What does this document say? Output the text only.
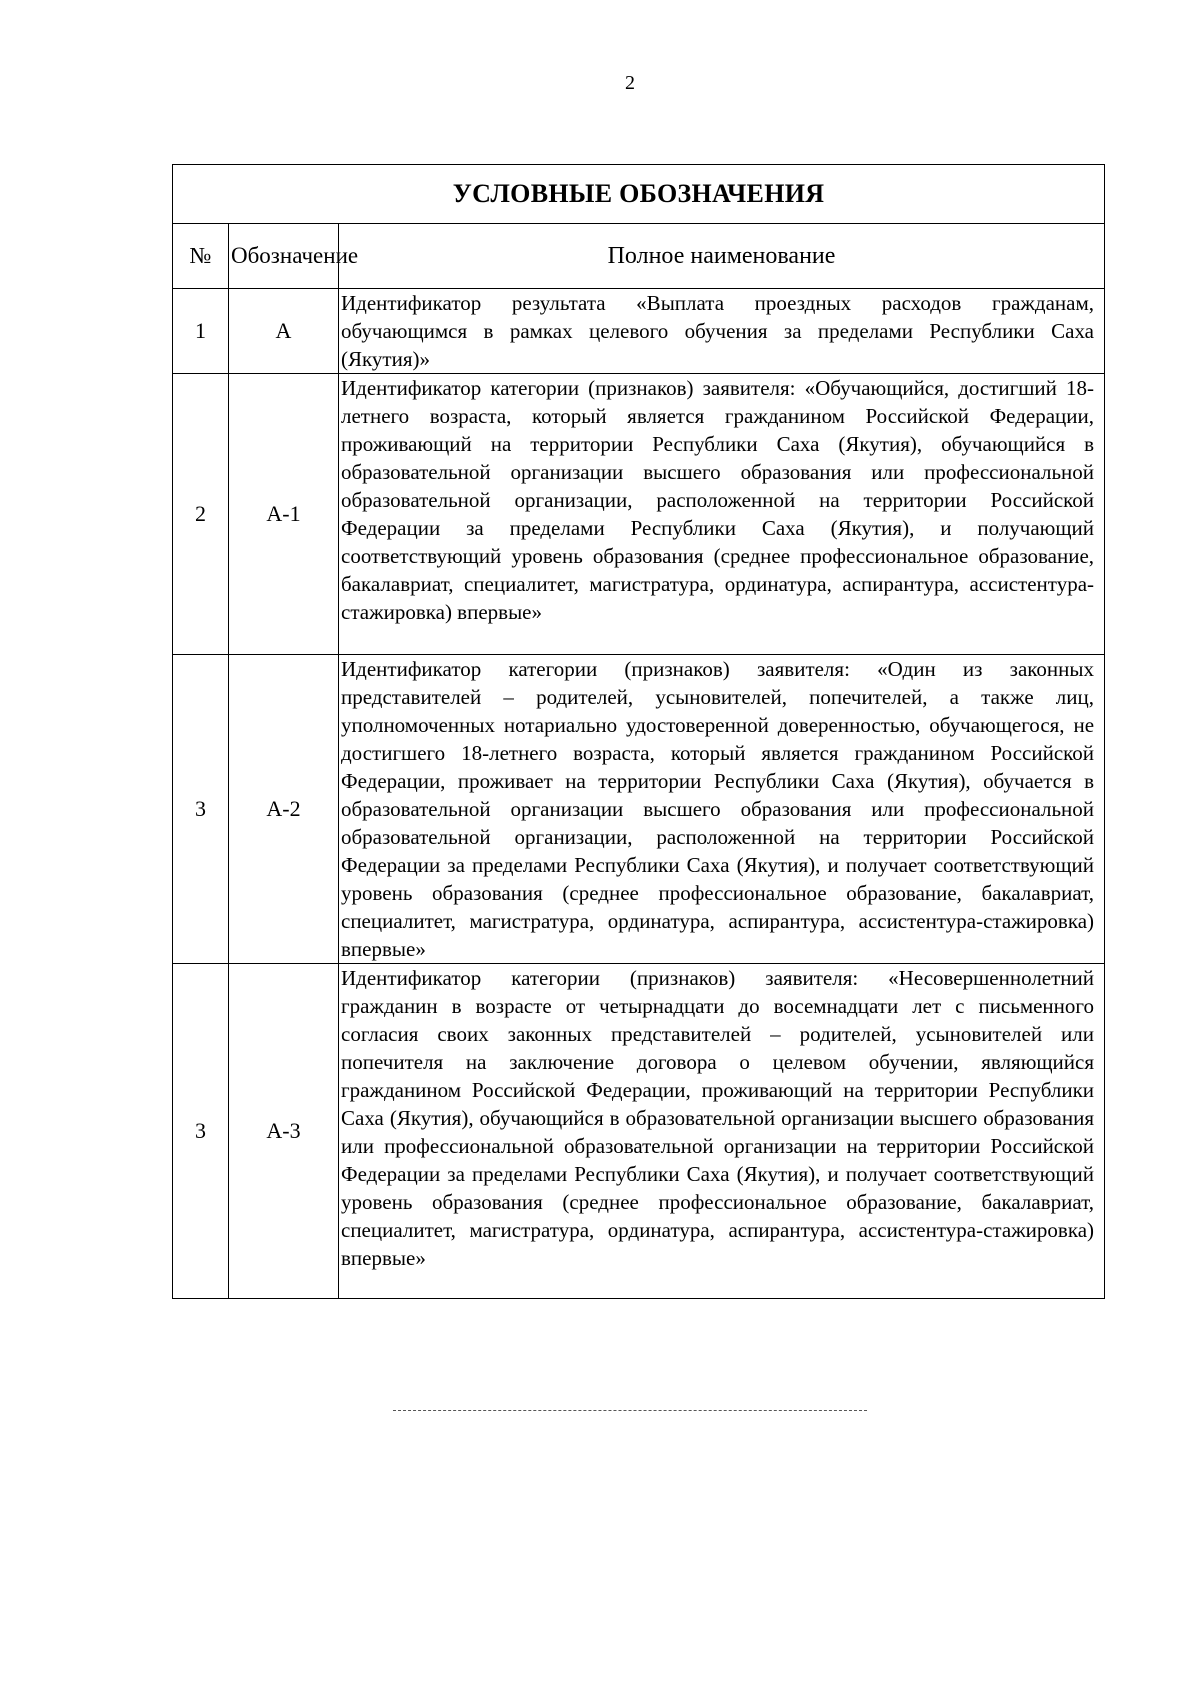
2
УСЛОВНЫЕ ОБОЗНАЧЕНИЯ		
№	Обозначение	Полное наименование
1	А	Идентификатор результата «Выплата проездных расходов гражданам, обучающимся в рамках целевого обучения за пределами Республики Саха (Якутия)»
2	А-1	Идентификатор категории (признаков) заявителя: «Обучающийся, достигший 18-летнего возраста, который является гражданином Российской Федерации, проживающий на территории Республики Саха (Якутия), обучающийся в образовательной организации высшего образования или профессиональной образовательной организации, расположенной на территории Российской Федерации за пределами Республики Саха (Якутия), и получающий соответствующий уровень образования (среднее профессиональное образование, бакалавриат, специалитет, магистратура, ординатура, аспирантура, ассистентура-стажировка) впервые»
3	А-2	Идентификатор категории (признаков) заявителя: «Один из законных представителей – родителей, усыновителей, попечителей, а также лиц, уполномоченных нотариально удостоверенной доверенностью, обучающегося, не достигшего 18-летнего возраста, который является гражданином Российской Федерации, проживает на территории Республики Саха (Якутия), обучается в образовательной организации высшего образования или профессиональной образовательной организации, расположенной на территории Российской Федерации за пределами Республики Саха (Якутия), и получает соответствующий уровень образования (среднее профессиональное образование, бакалавриат, специалитет, магистратура, ординатура, аспирантура, ассистентура-стажировка) впервые»
3	А-3	Идентификатор категории (признаков) заявителя: «Несовершеннолетний гражданин в возрасте от четырнадцати до восемнадцати лет с письменного согласия своих законных представителей – родителей, усыновителей или попечителя на заключение договора о целевом обучении, являющийся гражданином Российской Федерации, проживающий на территории Республики Саха (Якутия), обучающийся в образовательной организации высшего образования или профессиональной образовательной организации на территории Российской Федерации за пределами Республики Саха (Якутия), и получает соответствующий уровень образования (среднее профессиональное образование, бакалавриат, специалитет, магистратура, ординатура, аспирантура, ассистентура-стажировка) впервые»
